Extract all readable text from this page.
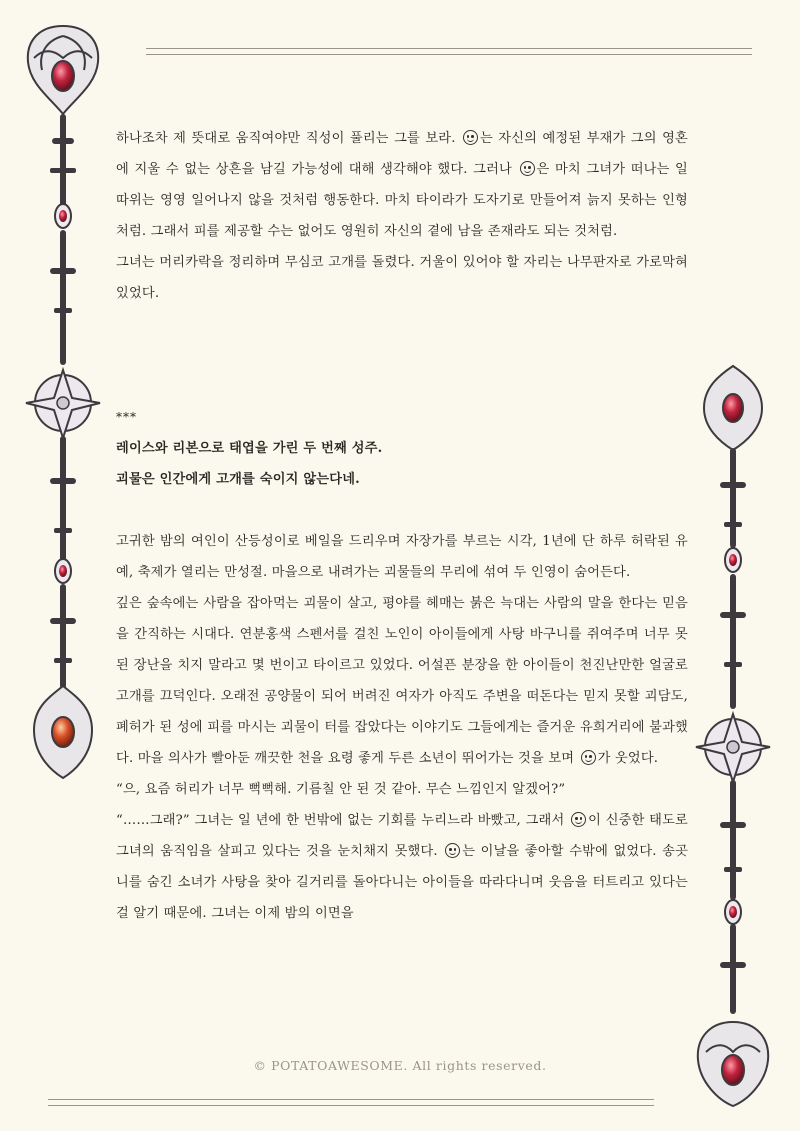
하나조차 제 뜻대로 움직여야만 직성이 풀리는 그를 보라.
는 자신의 예정된 부재가 그의 영혼에 지울 수 없는 상흔을 남길 가능성에 대해 생각해야 했다. 그러나
은 마치 그녀가 떠나는 일 따위는 영영 일어나지 않을 것처럼 행동한다. 마치 타이라가 도자기로 만들어져 늙지 못하는 인형처럼. 그래서 피를 제공할 수는 없어도 영원히 자신의 곁에 남을 존재라도 되는 것처럼.

그녀는 머리카락을 정리하며 무심코 고개를 돌렸다. 거울이 있어야 할 자리는 나무판자로 가로막혀 있었다.

***

레이스와 리본으로 태엽을 가린 두 번째 성주.

괴물은 인간에게 고개를 숙이지 않는다네.

고귀한 밤의 여인이 산등성이로 베일을 드리우며 자장가를 부르는 시각, 1년에 단 하루 허락된 유예, 축제가 열리는 만성절. 마을으로 내려가는 괴물들의 무리에 섞여 두 인영이 숨어든다.

깊은 숲속에는 사람을 잡아먹는 괴물이 살고, 평야를 헤매는 붉은 늑대는 사람의 말을 한다는 믿음을 간직하는 시대다. 연분홍색 스펜서를 걸친 노인이 아이들에게 사탕 바구니를 쥐여주며 너무 못된 장난을 치지 말라고 몇 번이고 타이르고 있었다. 어설픈 분장을 한 아이들이 천진난만한 얼굴로 고개를 끄덕인다. 오래전 공양물이 되어 버려진 여자가 아직도 주변을 떠돈다는 믿지 못할 괴담도, 폐허가 된 성에 피를 마시는 괴물이 터를 잡았다는 이야기도 그들에게는 즐거운 유희거리에 불과했다. 마을 의사가 빨아둔 깨끗한 천을 요령 좋게 두른 소년이 뛰어가는 것을 보며
가 웃었다.

“으, 요즘 허리가 너무 뻑뻑해. 기름칠 안 된 것 같아. 무슨 느낌인지 알겠어?”

“……그래?” 그녀는 일 년에 한 번밖에 없는 기회를 누리느라 바빴고, 그래서
이 신중한 태도로 그녀의 움직임을 살피고 있다는 것을 눈치채지 못했다.
는 이날을 좋아할 수밖에 없었다. 송곳니를 숨긴 소녀가 사탕을 찾아 길거리를 돌아다니는 아이들을 따라다니며 웃음을 터트리고 있다는 걸 알기 때문에. 그녀는 이제 밤의 이면을

© POTATOAWESOME. All rights reserved.
